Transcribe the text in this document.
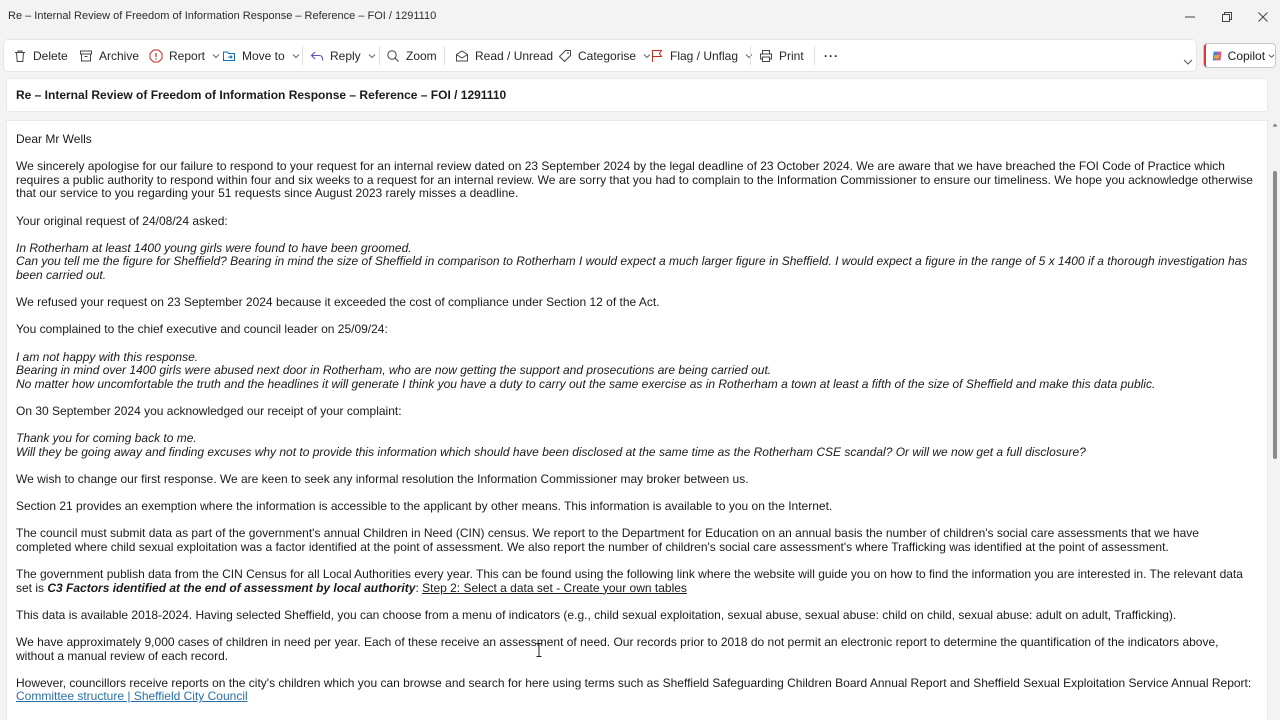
Re – Internal Review of Freedom of Information Response – Reference – FOI / 1291110
Delete	Archive Report	Move to	Reply	Zoom	Read / Unread Categorise	Flag / Unflag	Print ···	Copilot
Re – Internal Review of Freedom of Information Response – Reference – FOI / 1291110

Dear Mr Wells

We sincerely apologise for our failure to respond to your request for an internal review dated on 23 September 2024 by the legal deadline of 23 October 2024. We are aware that we have breached the FOI Code of Practice which requires a public authority to respond within four and six weeks to a request for an internal review. We are sorry that you had to complain to the Information Commissioner to ensure our timeliness. We hope you acknowledge otherwise that our service to you regarding your 51 requests since August 2023 rarely misses a deadline.

Your original request of 24/08/24 asked:

In Rotherham at least 1400 young girls were found to have been groomed.
Can you tell me the figure for Sheffield? Bearing in mind the size of Sheffield in comparison to Rotherham I would expect a much larger figure in Sheffield. I would expect a figure in the range of 5 x 1400 if a thorough investigation has been carried out.

We refused your request on 23 September 2024 because it exceeded the cost of compliance under Section 12 of the Act.

You complained to the chief executive and council leader on 25/09/24:

I am not happy with this response.
Bearing in mind over 1400 girls were abused next door in Rotherham, who are now getting the support and prosecutions are being carried out.
No matter how uncomfortable the truth and the headlines it will generate I think you have a duty to carry out the same exercise as in Rotherham a town at least a fifth of the size of Sheffield and make this data public.

On 30 September 2024 you acknowledged our receipt of your complaint:

Thank you for coming back to me.
Will they be going away and finding excuses why not to provide this information which should have been disclosed at the same time as the Rotherham CSE scandal? Or will we now get a full disclosure?

We wish to change our first response. We are keen to seek any informal resolution the Information Commissioner may broker between us.

Section 21 provides an exemption where the information is accessible to the applicant by other means. This information is available to you on the Internet.

The council must submit data as part of the government's annual Children in Need (CIN) census. We report to the Department for Education on an annual basis the number of children's social care assessments that we have completed where child sexual exploitation was a factor identified at the point of assessment. We also report the number of children's social care assessment's where Trafficking was identified at the point of assessment.

The government publish data from the CIN Census for all Local Authorities every year. This can be found using the following link where the website will guide you on how to find the information you are interested in. The relevant data set is C3 Factors identified at the end of assessment by local authority: Step 2: Select a data set - Create your own tables

This data is available 2018-2024. Having selected Sheffield, you can choose from a menu of indicators (e.g., child sexual exploitation, sexual abuse, sexual abuse: child on child, sexual abuse: adult on adult, Trafficking).

We have approximately 9,000 cases of children in need per year. Each of these receive an assessment of need. Our records prior to 2018 do not permit an electronic report to determine the quantification of the indicators above, without a manual review of each record.

However, councillors receive reports on the city's children which you can browse and search for here using terms such as Sheffield Safeguarding Children Board Annual Report and Sheffield Sexual Exploitation Service Annual Report: Committee structure | Sheffield City Council
